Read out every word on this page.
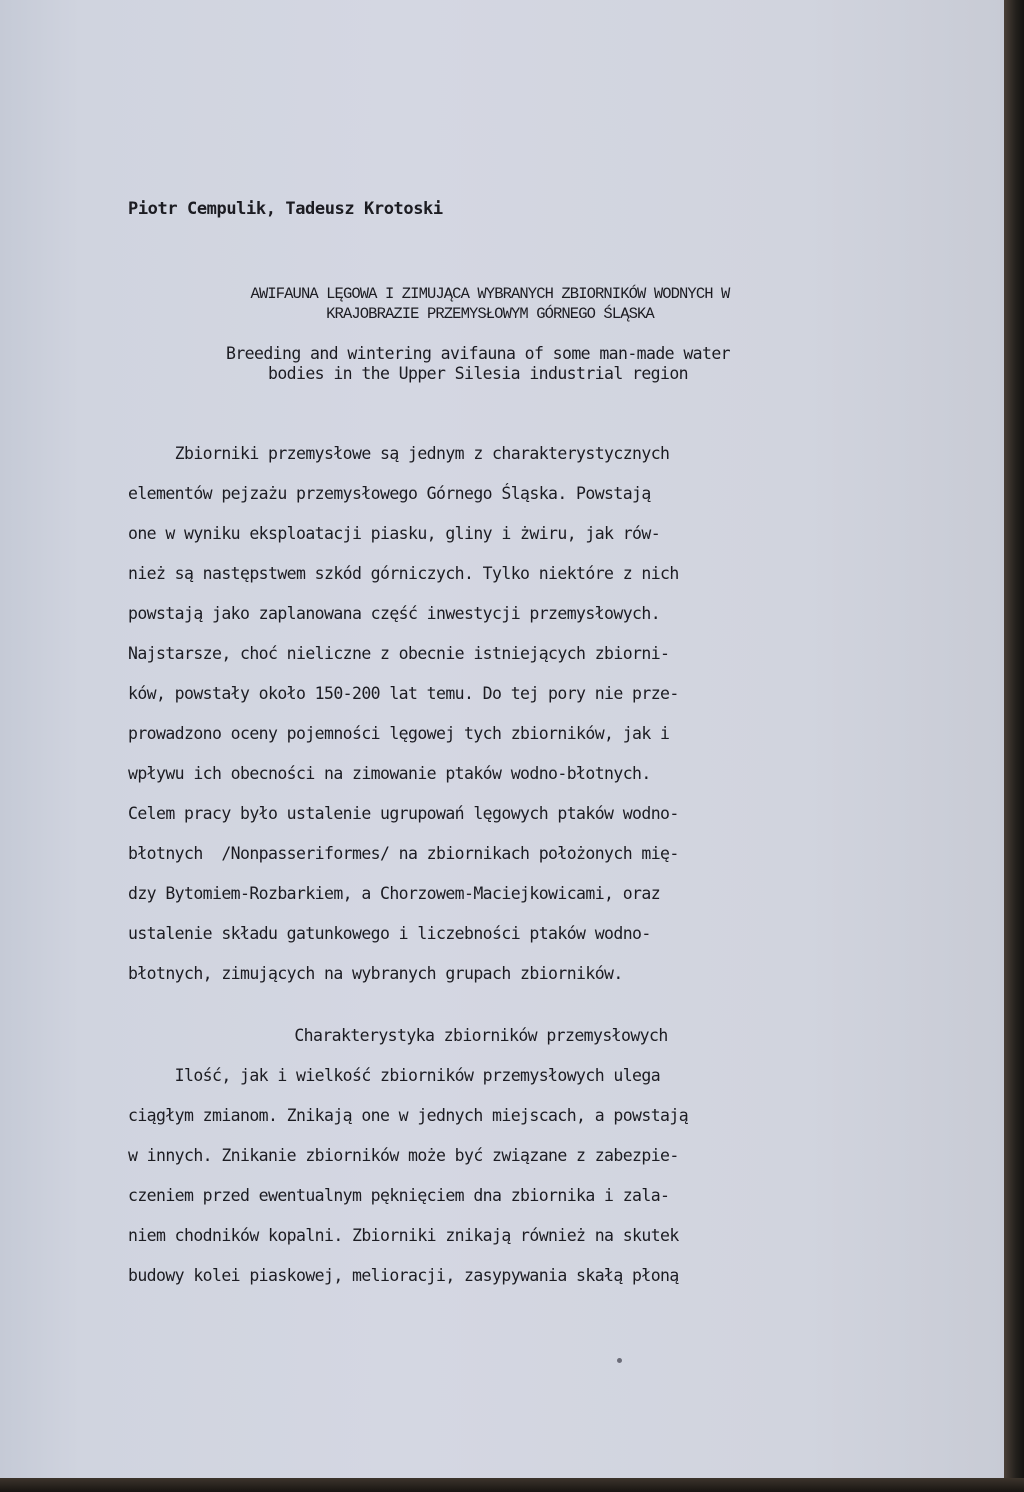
Piotr Cempulik, Tadeusz Krotoski

AWIFAUNA LĘGOWA I ZIMUJĄCA WYBRANYCH ZBIORNIKÓW WODNYCH W

KRAJOBRAZIE PRZEMYSŁOWYM GÓRNEGO ŚLĄSKA

Breeding and wintering avifauna of some man-made water

bodies in the Upper Silesia industrial region

Zbiorniki przemysłowe są jednym z charakterystycznych

elementów pejzażu przemysłowego Górnego Śląska. Powstają

one w wyniku eksploatacji piasku, gliny i żwiru, jak rów-

nież są następstwem szkód górniczych. Tylko niektóre z nich

powstają jako zaplanowana część inwestycji przemysłowych.

Najstarsze, choć nieliczne z obecnie istniejących zbiorni-

ków, powstały około 150-200 lat temu. Do tej pory nie prze-

prowadzono oceny pojemności lęgowej tych zbiorników, jak i

wpływu ich obecności na zimowanie ptaków wodno-błotnych.

Celem pracy było ustalenie ugrupowań lęgowych ptaków wodno-

błotnych  /Nonpasseriformes/ na zbiornikach położonych mię-

dzy Bytomiem-Rozbarkiem, a Chorzowem-Maciejkowicami, oraz

ustalenie składu gatunkowego i liczebności ptaków wodno-

błotnych, zimujących na wybranych grupach zbiorników.

Charakterystyka zbiorników przemysłowych

Ilość, jak i wielkość zbiorników przemysłowych ulega

ciągłym zmianom. Znikają one w jednych miejscach, a powstają

w innych. Znikanie zbiorników może być związane z zabezpie-

czeniem przed ewentualnym pęknięciem dna zbiornika i zala-

niem chodników kopalni. Zbiorniki znikają również na skutek

budowy kolei piaskowej, melioracji, zasypywania skałą płoną
